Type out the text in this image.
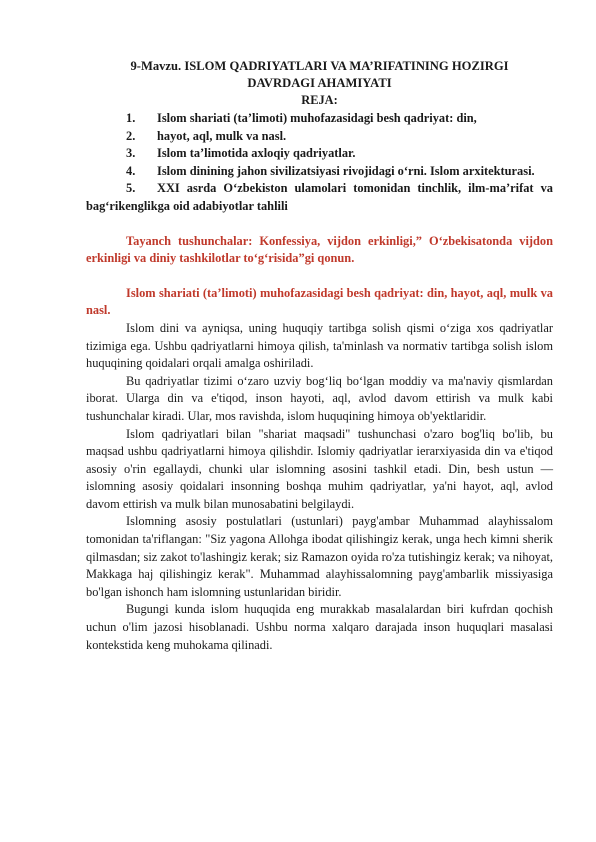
9-Mavzu. ISLOM QADRIYATLARI VA MA’RIFATINING HOZIRGI
DAVRDAGI AHAMIYATI

REJA:

1.	Islom shariati (ta’limoti) muhofazasidagi besh qadriyat: din,
2.	hayot, aql, mulk va nasl.
3.	Islom ta’limotida axloqiy qadriyatlar.
4.	Islom dinining jahon sivilizatsiyasi rivojidagi o‘rni. Islom arxitekturasi.
5.	XXI asrda O‘zbekiston ulamolari tomonidan tinchlik, ilm-ma’rifat va bag‘rikenglikga oid adabiyotlar tahlili

Tayanch tushunchalar: Konfessiya, vijdon erkinligi,” O‘zbekisatonda vijdon erkinligi va diniy tashkilotlar to‘g‘risida”gi qonun.

Islom shariati (ta’limoti) muhofazasidagi besh qadriyat: din, hayot, aql, mulk va nasl.

Islom dini va ayniqsa, uning huquqiy tartibga solish qismi o‘ziga xos qadriyatlar tizimiga ega. Ushbu qadriyatlarni himoya qilish, ta'minlash va normativ tartibga solish islom huquqining qoidalari orqali amalga oshiriladi.

Bu qadriyatlar tizimi o‘zaro uzviy bog‘liq bo‘lgan moddiy va ma'naviy qismlardan iborat. Ularga din va e'tiqod, inson hayoti, aql, avlod davom ettirish va mulk kabi tushunchalar kiradi. Ular, mos ravishda, islom huquqining himoya ob'yektlaridir.

Islom qadriyatlari bilan "shariat maqsadi" tushunchasi o'zaro bog'liq bo'lib, bu maqsad ushbu qadriyatlarni himoya qilishdir. Islomiy qadriyatlar ierarxiyasida din va e'tiqod asosiy o'rin egallaydi, chunki ular islomning asosini tashkil etadi. Din, besh ustun — islomning asosiy qoidalari insonning boshqa muhim qadriyatlar, ya'ni hayot, aql, avlod davom ettirish va mulk bilan munosabatini belgilaydi.

Islomning asosiy postulatlari (ustunlari) payg'ambar Muhammad alayhissalom tomonidan ta'riflangan: "Siz yagona Allohga ibodat qilishingiz kerak, unga hech kimni sherik qilmasdan; siz zakot to'lashingiz kerak; siz Ramazon oyida ro'za tutishingiz kerak; va nihoyat, Makkaga haj qilishingiz kerak". Muhammad alayhissalomning payg'ambarlik missiyasiga bo'lgan ishonch ham islomning ustunlaridan biridir.

Bugungi kunda islom huquqida eng murakkab masalalardan biri kufrdan qochish uchun o'lim jazosi hisoblanadi. Ushbu norma xalqaro darajada inson huquqlari masalasi kontekstida keng muhokama qilinadi.
